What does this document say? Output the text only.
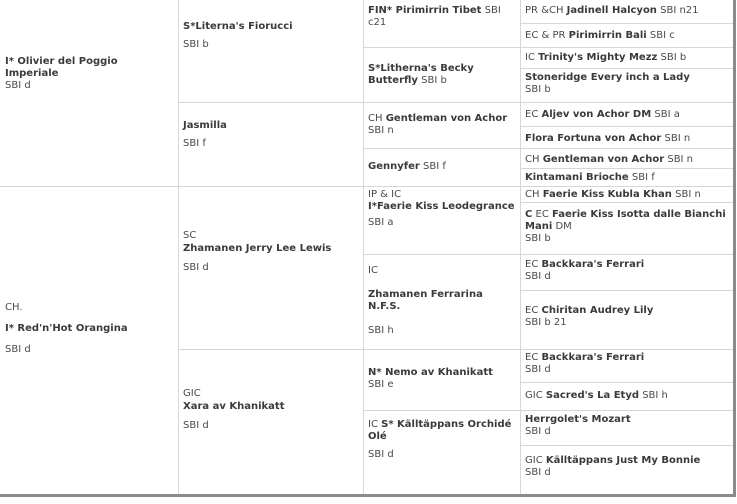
I* Olivier del Poggio Imperiale
SBI d
CH.
I* Red'n'Hot Orangina
SBI d
S*Literna's Fiorucci
SBI b
Jasmilla
SBI f
SC
Zhamanen Jerry Lee Lewis
SBI d
GIC
Xara av Khanikatt
SBI d
FIN* Pirimirrin Tibet SBI c21
S*Litherna's Becky Butterfly SBI b
CH Gentleman von Achor
SBI n
Gennyfer SBI f
IP & IC
I*Faerie Kiss Leodegrance
SBI a
IC
Zhamanen Ferrarina N.F.S.
SBI h
N* Nemo av Khanikatt
SBI e
IC S* Källtäppans Orchidé Olé
SBI d
PR &CH Jadinell Halcyon SBI n21
EC & PR Pirimirrin Bali SBI c
IC Trinity's Mighty Mezz SBI b
Stoneridge Every inch a Lady
SBI b
EC Aljev von Achor DM SBI a
Flora Fortuna von Achor SBI n
CH Gentleman von Achor SBI n
Kintamani Brioche SBI f
CH Faerie Kiss Kubla Khan SBI n
C EC Faerie Kiss Isotta dalle Bianchi Mani DM
SBI b
EC Backkara's Ferrari
SBI d
EC Chiritan Audrey Lily
SBI b 21
EC Backkara's Ferrari
SBI d
GIC Sacred's La Etyd SBI h
Herrgolet's Mozart
SBI d
GIC Källtäppans Just My Bonnie
SBI d
